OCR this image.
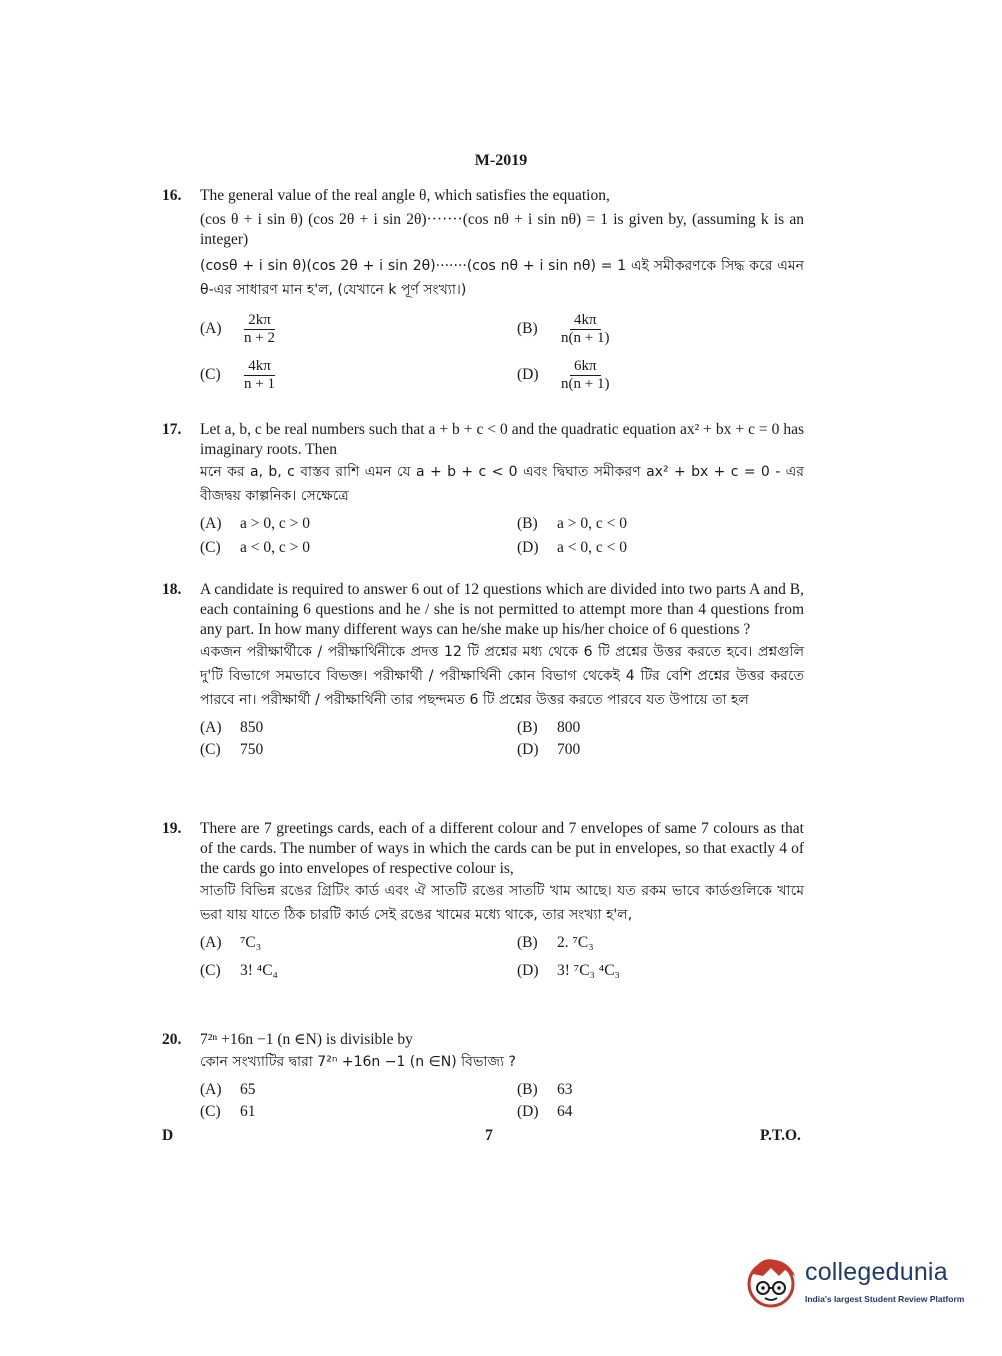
M-2019
16. The general value of the real angle θ, which satisfies the equation,

(cos θ + i sin θ) (cos 2θ + i sin 2θ)·······(cos nθ + i sin nθ) = 1 is given by, (assuming k is an integer)

(cosθ + i sin θ)(cos 2θ + i sin 2θ)·······(cos nθ + i sin nθ) = 1 এই সমীকরণকে সিদ্ধ করে এমন θ-এর সাধারণ মান হ'ল, (যেখানে k পূর্ণ সংখ্যা।)

$(A) \frac{2k\pi}{n + 2}$	$(B) \frac{4k\pi}{n(n + 1)}$
$(C) \frac{4k\pi}{n + 1}$	$(D) \frac{6k\pi}{n(n + 1)}$
17. Let a, b, c be real numbers such that a + b + c < 0 and the quadratic equation ax² + bx + c = 0 has imaginary roots. Then

মনে কর a, b, c বাস্তব রাশি এমন যে a + b + c < 0 এবং দ্বিঘাত সমীকরণ ax² + bx + c = 0 - এর বীজদ্বয় কাল্পনিক। সেক্ষেত্রে

(A) a > 0, c > 0	(B) a > 0, c < 0
(C) a < 0, c > 0	(D) a < 0, c < 0
18. A candidate is required to answer 6 out of 12 questions which are divided into two parts A and B, each containing 6 questions and he / she is not permitted to attempt more than 4 questions from any part. In how many different ways can he/she make up his/her choice of 6 questions ?

একজন পরীক্ষার্থীকে / পরীক্ষার্থিনীকে প্রদত্ত 12 টি প্রশ্নের মধ্য থেকে 6 টি প্রশ্নের উত্তর করতে হবে। প্রশ্নগুলি দু'টি বিভাগে সমভাবে বিভক্ত। পরীক্ষার্থী / পরীক্ষার্থিনী কোন বিভাগ থেকেই 4 টির বেশি প্রশ্নের উত্তর করতে পারবে না। পরীক্ষার্থী / পরীক্ষার্থিনী তার পছন্দমত 6 টি প্রশ্নের উত্তর করতে পারবে যত উপায়ে তা হল

(A) 850	(B) 800
(C) 750	(D) 700
19. There are 7 greetings cards, each of a different colour and 7 envelopes of same 7 colours as that of the cards. The number of ways in which the cards can be put in envelopes, so that exactly 4 of the cards go into envelopes of respective colour is,

সাতটি বিভিন্ন রঙের গ্রিটিং কার্ড এবং ঐ সাতটি রঙের সাতটি খাম আছে। যত রকম ভাবে কার্ডগুলিকে খামে ভরা যায় যাতে ঠিক চারটি কার্ড সেই রঙের খামের মধ্যে থাকে, তার সংখ্যা হ'ল,

(A) ⁷C₃	(B) 2. ⁷C₃
(C) 3! ⁴C₄	(D) 3! ⁷C₃ ⁴C₃
20. 7²ⁿ +16n −1 (n ∈N) is divisible by

কোন সংখ্যাটির দ্বারা 7²ⁿ +16n −1 (n ∈N) বিভাজ্য ?

(A) 65	(B) 63
(C) 61	(D) 64
D	7	P.T.O.
collegedunia
India's largest Student Review Platform
